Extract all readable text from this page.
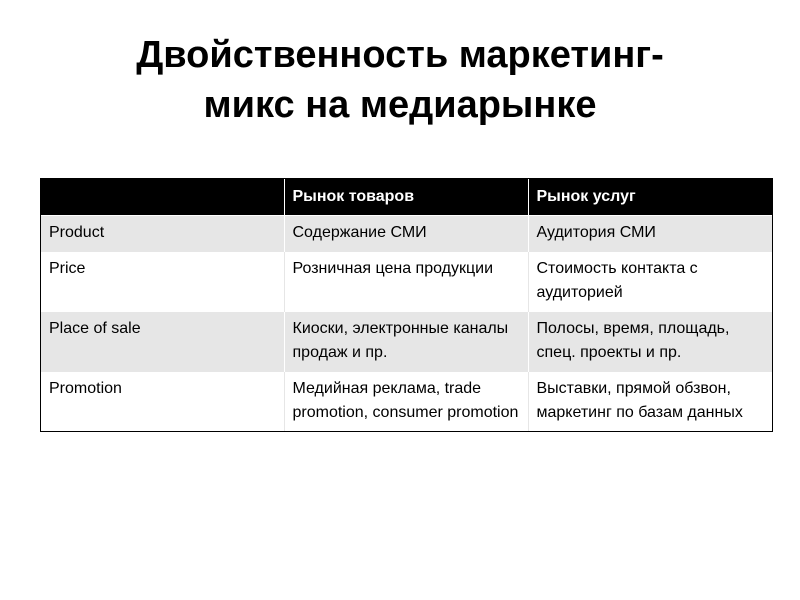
Двойственность маркетинг-
микс на медиарынке
	Рынок товаров	Рынок услуг
Product	Содержание СМИ	Аудитория СМИ
Price	Розничная цена продукции	Стоимость контакта с аудиторией
Place of sale	Киоски, электронные каналы продаж и пр.	Полосы, время, площадь, спец. проекты и пр.
Promotion	Медийная реклама, trade promotion, consumer promotion	Выставки, прямой обзвон, маркетинг по базам данных
